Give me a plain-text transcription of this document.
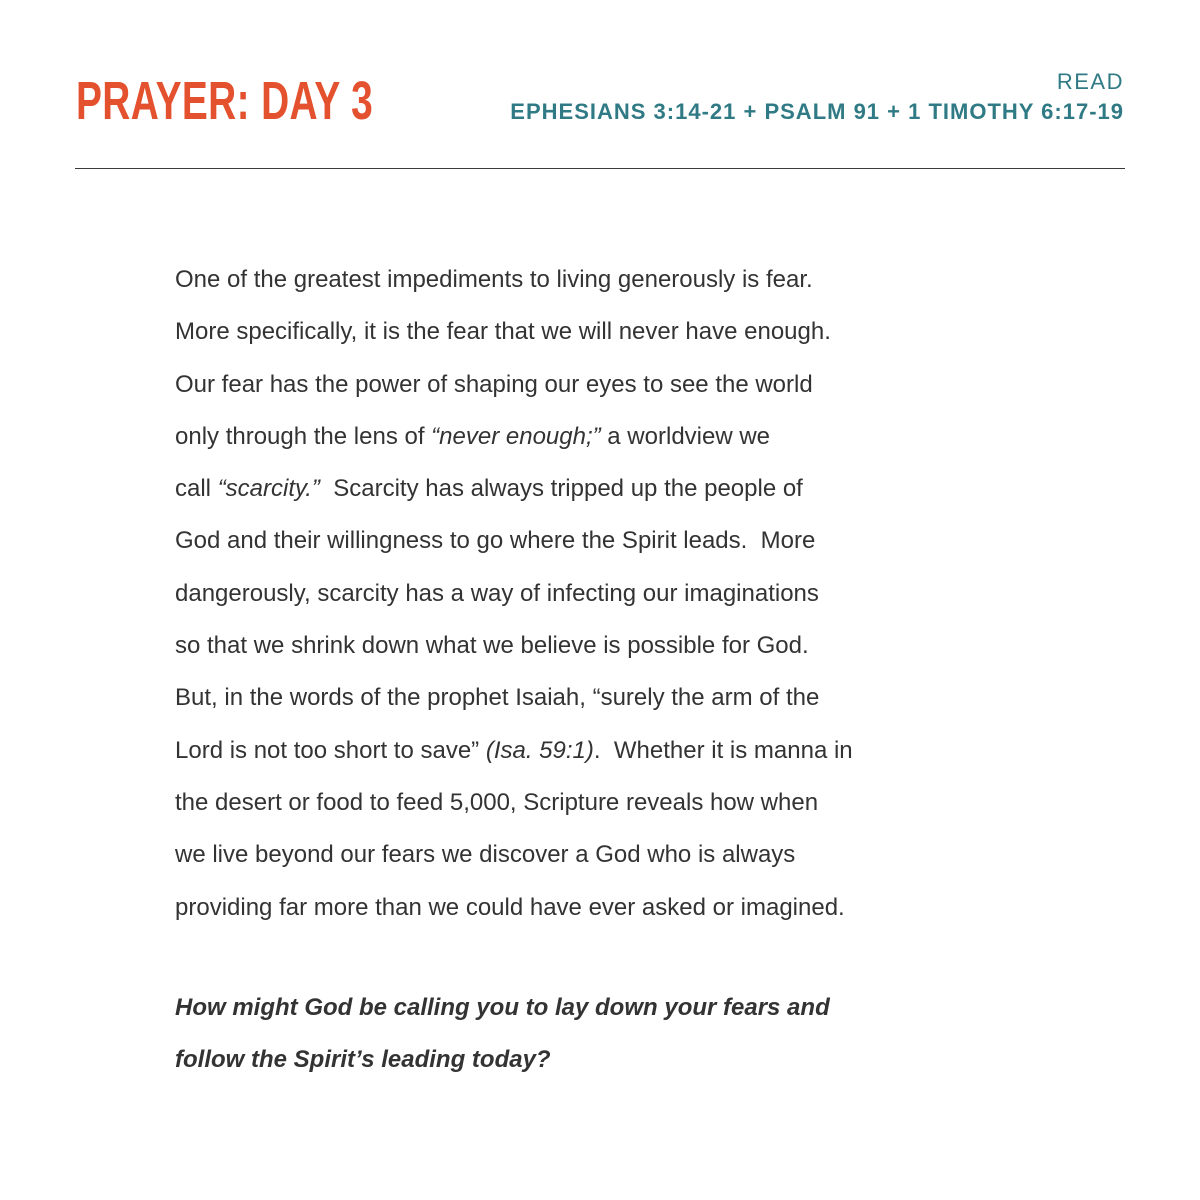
PRAYER: DAY 3	READ
EPHESIANS 3:14-21 + PSALM 91 + 1 TIMOTHY 6:17-19
One of the greatest impediments to living generously is fear.
More specifically, it is the fear that we will never have enough.
Our fear has the power of shaping our eyes to see the world
only through the lens of “never enough;” a worldview we
call “scarcity.”  Scarcity has always tripped up the people of
God and their willingness to go where the Spirit leads.  More
dangerously, scarcity has a way of infecting our imaginations
so that we shrink down what we believe is possible for God.
But, in the words of the prophet Isaiah, “surely the arm of the
Lord is not too short to save” (Isa. 59:1).  Whether it is manna in
the desert or food to feed 5,000, Scripture reveals how when
we live beyond our fears we discover a God who is always
providing far more than we could have ever asked or imagined.
How might God be calling you to lay down your fears and
follow the Spirit’s leading today?
